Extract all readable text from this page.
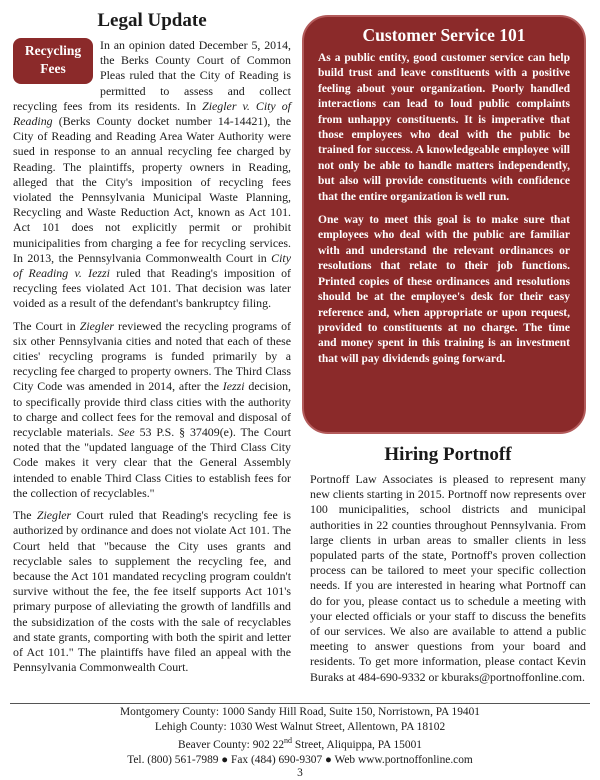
Legal Update
Recycling
Fees

In an opinion dated December 5, 2014, the Berks County Court of Common Pleas ruled that the City of Reading is permitted to assess and collect recycling fees from its residents. In Ziegler v. City of Reading (Berks County docket number 14-14421), the City of Reading and Reading Area Water Authority were sued in response to an annual recycling fee charged by Reading. The plaintiffs, property owners in Reading, alleged that the City's imposition of recycling fees violated the Pennsylvania Municipal Waste Planning, Recycling and Waste Reduction Act, known as Act 101. Act 101 does not explicitly permit or prohibit municipalities from charging a fee for recycling services. In 2013, the Pennsylvania Commonwealth Court in City of Reading v. Iezzi ruled that Reading's imposition of recycling fees violated Act 101. That decision was later voided as a result of the defendant's bankruptcy filing.

The Court in Ziegler reviewed the recycling programs of six other Pennsylvania cities and noted that each of these cities' recycling programs is funded primarily by a recycling fee charged to property owners. The Third Class City Code was amended in 2014, after the Iezzi decision, to specifically provide third class cities with the authority to charge and collect fees for the removal and disposal of recyclable materials. See 53 P.S. § 37409(e). The Court noted that the "updated language of the Third Class City Code makes it very clear that the General Assembly intended to enable Third Class Cities to establish fees for the collection of recyclables."

The Ziegler Court ruled that Reading's recycling fee is authorized by ordinance and does not violate Act 101. The Court held that "because the City uses grants and recyclable sales to supplement the recycling fee, and because the Act 101 mandated recycling program couldn't survive without the fee, the fee itself supports Act 101's primary purpose of alleviating the growth of landfills and the subsidization of the costs with the sale of recyclables and state grants, comporting with both the spirit and letter of Act 101." The plaintiffs have filed an appeal with the Pennsylvania Commonwealth Court.

Customer Service 101

As a public entity, good customer service can help build trust and leave constituents with a positive feeling about your organization. Poorly handled interactions can lead to loud public complaints from unhappy constituents. It is imperative that those employees who deal with the public be trained for success. A knowledgeable employee will not only be able to handle matters independently, but also will provide constituents with confidence that the entire organization is well run.

One way to meet this goal is to make sure that employees who deal with the public are familiar with and understand the relevant ordinances or resolutions that relate to their job functions. Printed copies of these ordinances and resolutions should be at the employee's desk for their easy reference and, when appropriate or upon request, provided to constituents at no charge. The time and money spent in this training is an investment that will pay dividends going forward.

Hiring Portnoff

Portnoff Law Associates is pleased to represent many new clients starting in 2015. Portnoff now represents over 100 municipalities, school districts and municipal authorities in 22 counties throughout Pennsylvania. From large clients in urban areas to smaller clients in less populated parts of the state, Portnoff's proven collection process can be tailored to meet your specific collection needs. If you are interested in hearing what Portnoff can do for you, please contact us to schedule a meeting with your elected officials or your staff to discuss the benefits of our services. We also are available to attend a public meeting to answer questions from your board and residents. To get more information, please contact Kevin Buraks at 484-690-9332 or kburaks@portnoffonline.com.

Montgomery County: 1000 Sandy Hill Road, Suite 150, Norristown, PA 19401
Lehigh County: 1030 West Walnut Street, Allentown, PA 18102
Beaver County: 902 22nd Street, Aliquippa, PA 15001
Tel. (800) 561-7989 ● Fax (484) 690-9307 ● Web www.portnoffonline.com
3
